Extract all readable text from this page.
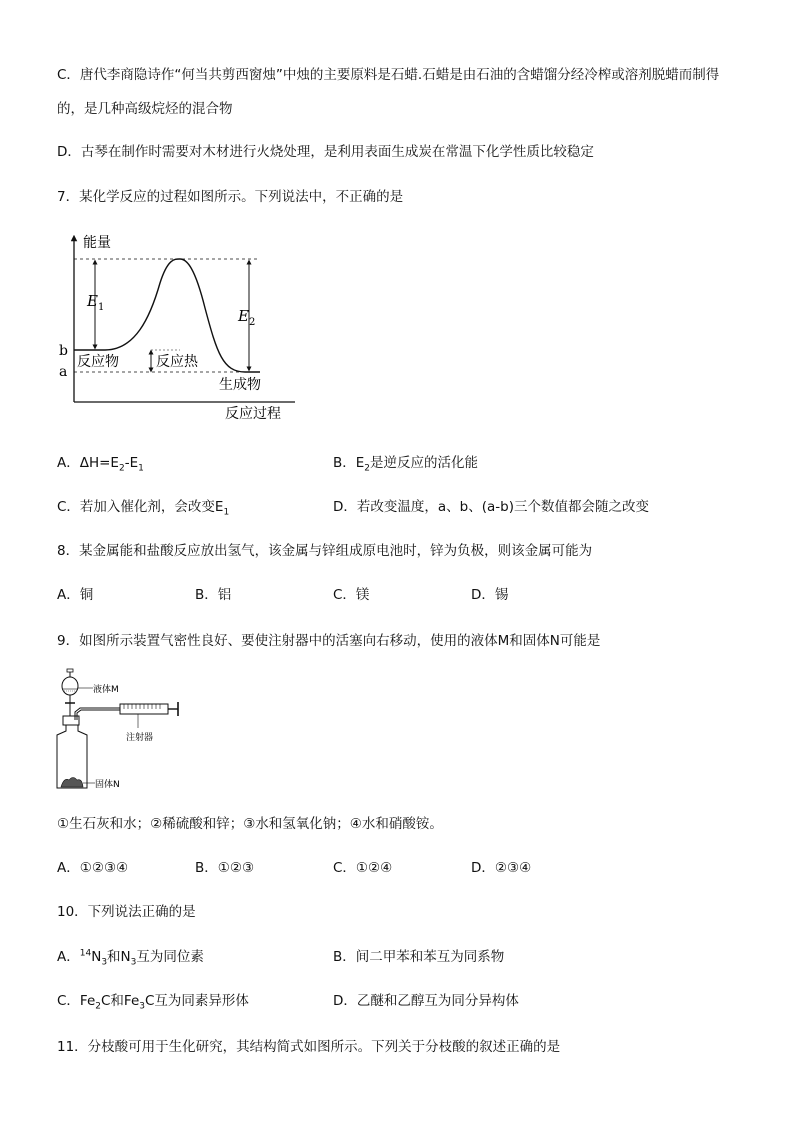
C．唐代李商隐诗作“何当共剪西窗烛”中烛的主要原料是石蜡.石蜡是由石油的含蜡馏分经冷榨或溶剂脱蜡而制得
的，是几种高级烷烃的混合物
D．古琴在制作时需要对木材进行火烧处理，是利用表面生成炭在常温下化学性质比较稳定
7．某化学反应的过程如图所示。下列说法中，不正确的是
能量
反应过程
$E_1$	$E_2$
b
a
反应物	反应热
生成物
A．$\Delta H=E_2-E_1$	B．$E_2$是逆反应的活化能
C．若加入催化剂，会改变$E_1$	D．若改变温度，a、b、(a-b)三个数值都会随之改变
8．某金属能和盐酸反应放出氢气，该金属与锌组成原电池时，锌为负极，则该金属可能为
A．铜	B．铝	C．镁	D．锡
9．如图所示装置气密性良好、要使注射器中的活塞向右移动，使用的液体M和固体N可能是
液体M
注射器
固体N
①生石灰和水；②稀硫酸和锌；③水和氢氧化钠；④水和硝酸铵。
A．①②③④	B．①②③	C．①②④	D．②③④
10．下列说法正确的是
A．$^{14}N_3$和$N_3$互为同位素	B．间二甲苯和苯互为同系物
C．$Fe_2C$和$Fe_3C$互为同素异形体	D．乙醚和乙醇互为同分异构体
11．分枝酸可用于生化研究，其结构简式如图所示。下列关于分枝酸的叙述正确的是
